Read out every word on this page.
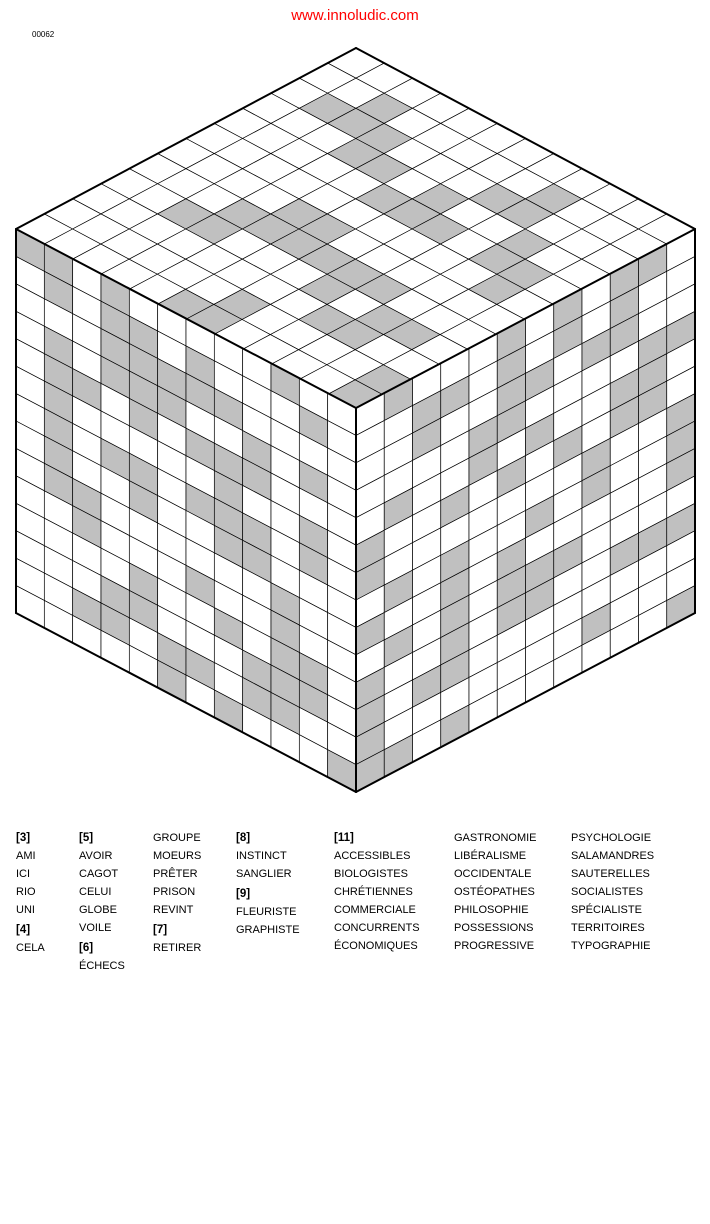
www.innoludic.com
00062
[3]
AMI
ICI
RIO
UNI
[4]
CELA
[5]
AVOIR
CAGOT
CELUI
GLOBE
VOILE
[6]
ÉCHECS
GROUPE
MOEURS
PRÊTER
PRISON
REVINT
[7]
RETIRER
[8]
INSTINCT
SANGLIER
[9]
FLEURISTE
GRAPHISTE
[11]
ACCESSIBLES
BIOLOGISTES
CHRÉTIENNES
COMMERCIALE
CONCURRENTS
ÉCONOMIQUES
GASTRONOMIE
LIBÉRALISME
OCCIDENTALE
OSTÉOPATHES
PHILOSOPHIE
POSSESSIONS
PROGRESSIVE
PSYCHOLOGIE
SALAMANDRES
SAUTERELLES
SOCIALISTES
SPÉCIALISTE
TERRITOIRES
TYPOGRAPHIE
